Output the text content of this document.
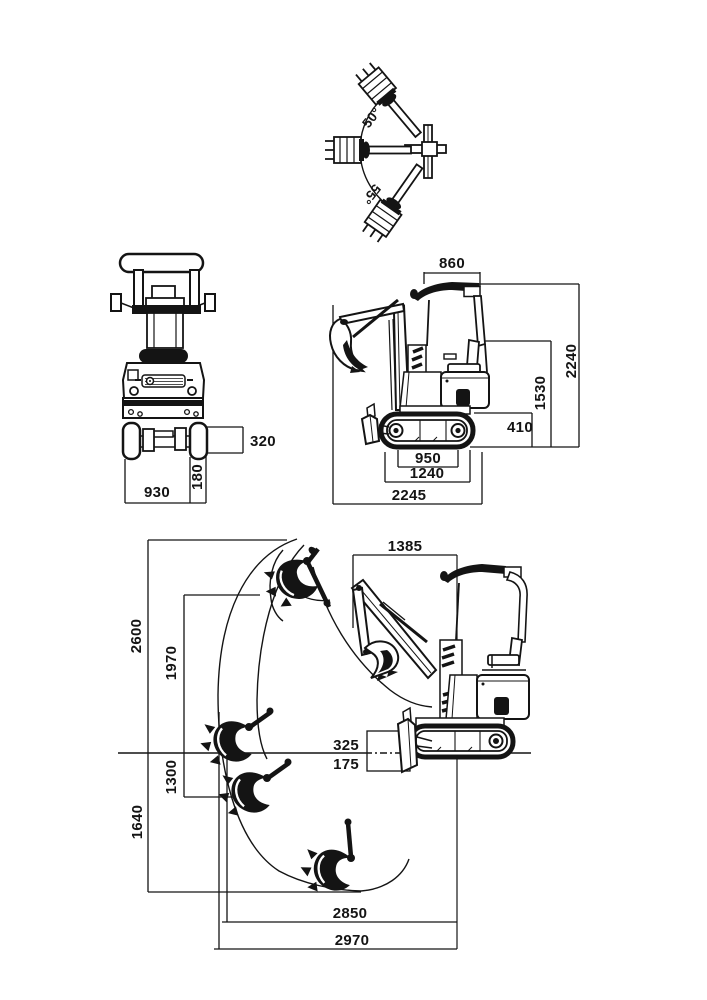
50°
55°
320
180
930
860
2240
1530
410
950
1240
2245
1385
2600
1970
1300
1640
325
175
2850
2970
